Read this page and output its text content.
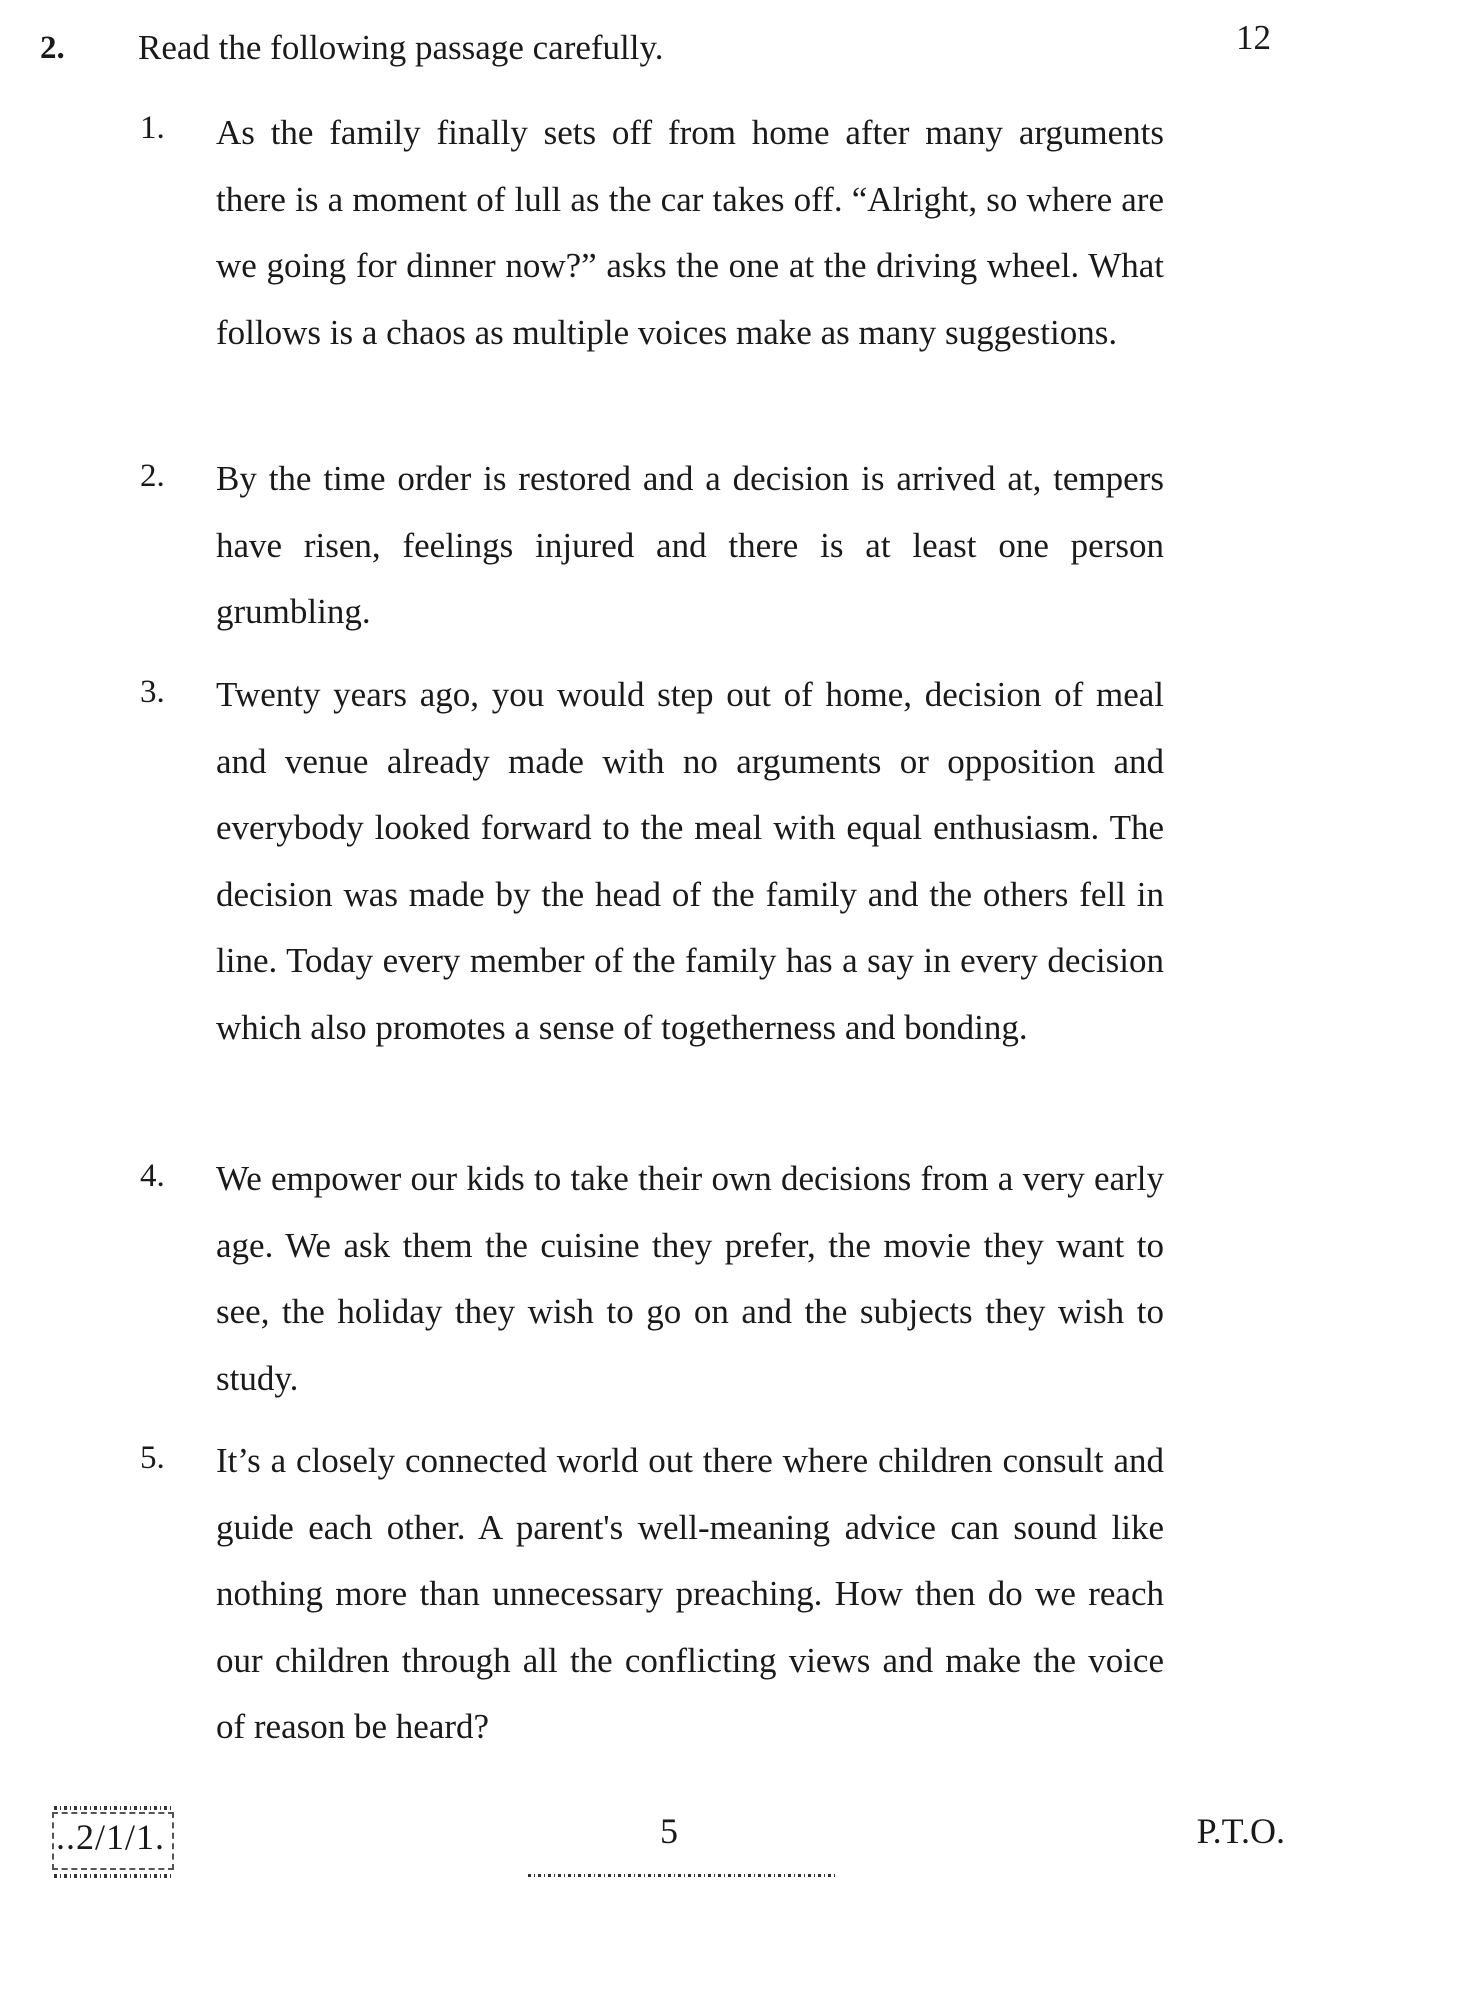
2. Read the following passage carefully.	12
1. As the family finally sets off from home after many arguments there is a moment of lull as the car takes off. “Alright, so where are we going for dinner now?” asks the one at the driving wheel. What follows is a chaos as multiple voices make as many suggestions.
2. By the time order is restored and a decision is arrived at, tempers have risen, feelings injured and there is at least one person grumbling.
3. Twenty years ago, you would step out of home, decision of meal and venue already made with no arguments or opposition and everybody looked forward to the meal with equal enthusiasm. The decision was made by the head of the family and the others fell in line. Today every member of the family has a say in every decision which also promotes a sense of togetherness and bonding.
4. We empower our kids to take their own decisions from a very early age. We ask them the cuisine they prefer, the movie they want to see, the holiday they wish to go on and the subjects they wish to study.
5. It’s a closely connected world out there where children consult and guide each other. A parent's well-meaning advice can sound like nothing more than unnecessary preaching. How then do we reach our children through all the conflicting views and make the voice of reason be heard?
..2/1/1.	5	P.T.O.
